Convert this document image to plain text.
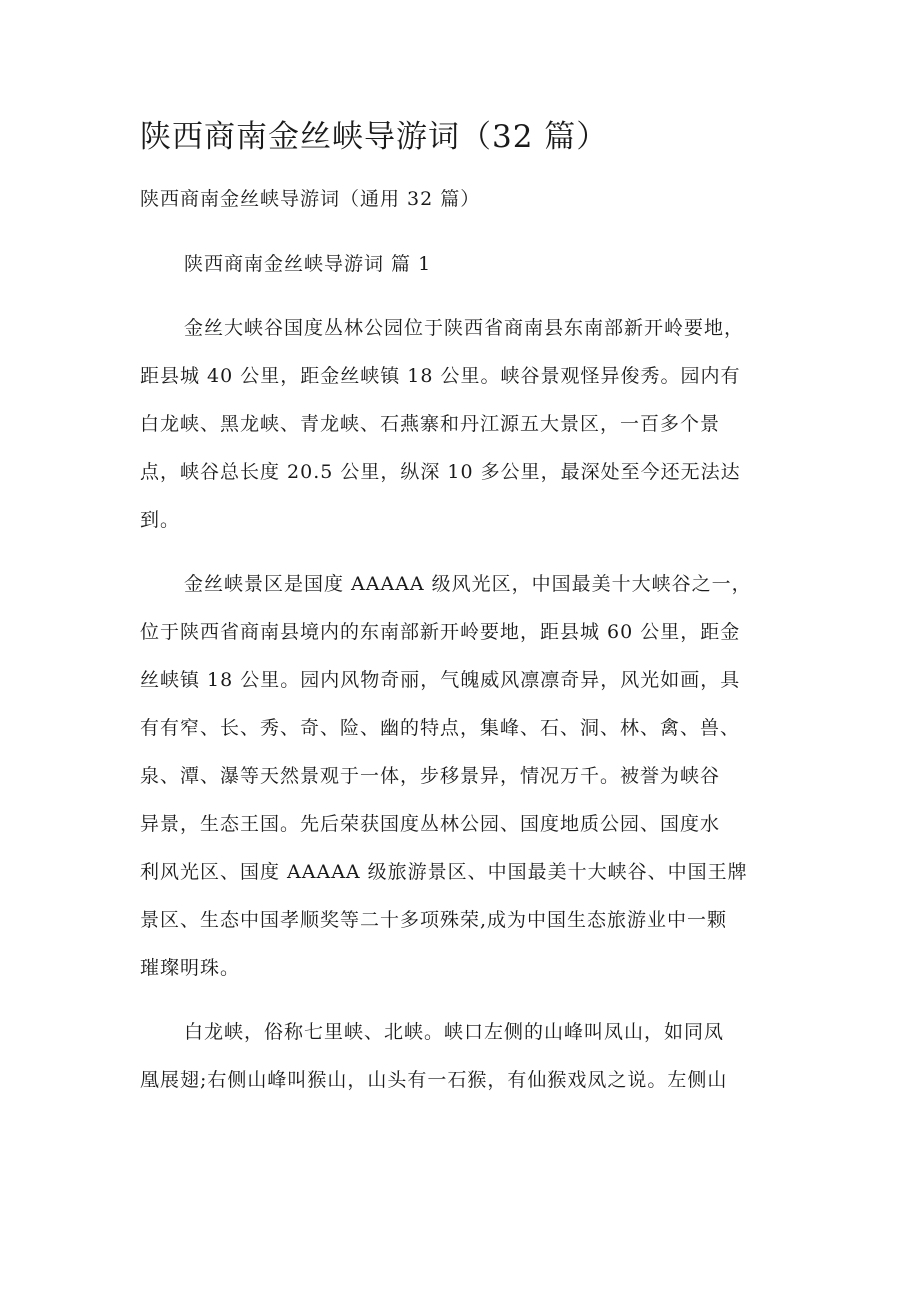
陕西商南金丝峡导游词（32 篇）

陕西商南金丝峡导游词（通用 32 篇）

陕西商南金丝峡导游词 篇 1

金丝大峡谷国度丛林公园位于陕西省商南县东南部新开岭要地，
距县城 40 公里，距金丝峡镇 18 公里。峡谷景观怪异俊秀。园内有
白龙峡、黑龙峡、青龙峡、石燕寨和丹江源五大景区，一百多个景
点，峡谷总长度 20.5 公里，纵深 10 多公里，最深处至今还无法达
到。
金丝峡景区是国度 AAAAA 级风光区，中国最美十大峡谷之一，
位于陕西省商南县境内的东南部新开岭要地，距县城 60 公里，距金
丝峡镇 18 公里。园内风物奇丽，气魄威风凛凛奇异，风光如画，具
有有窄、长、秀、奇、险、幽的特点，集峰、石、洞、林、禽、兽、
泉、潭、瀑等天然景观于一体，步移景异，情况万千。被誉为峡谷
异景，生态王国。先后荣获国度丛林公园、国度地质公园、国度水
利风光区、国度 AAAAA 级旅游景区、中国最美十大峡谷、中国王牌
景区、生态中国孝顺奖等二十多项殊荣,成为中国生态旅游业中一颗
璀璨明珠。
白龙峡，俗称七里峡、北峡。峡口左侧的山峰叫凤山，如同凤
凰展翅;右侧山峰叫猴山，山头有一石猴，有仙猴戏凤之说。左侧山
